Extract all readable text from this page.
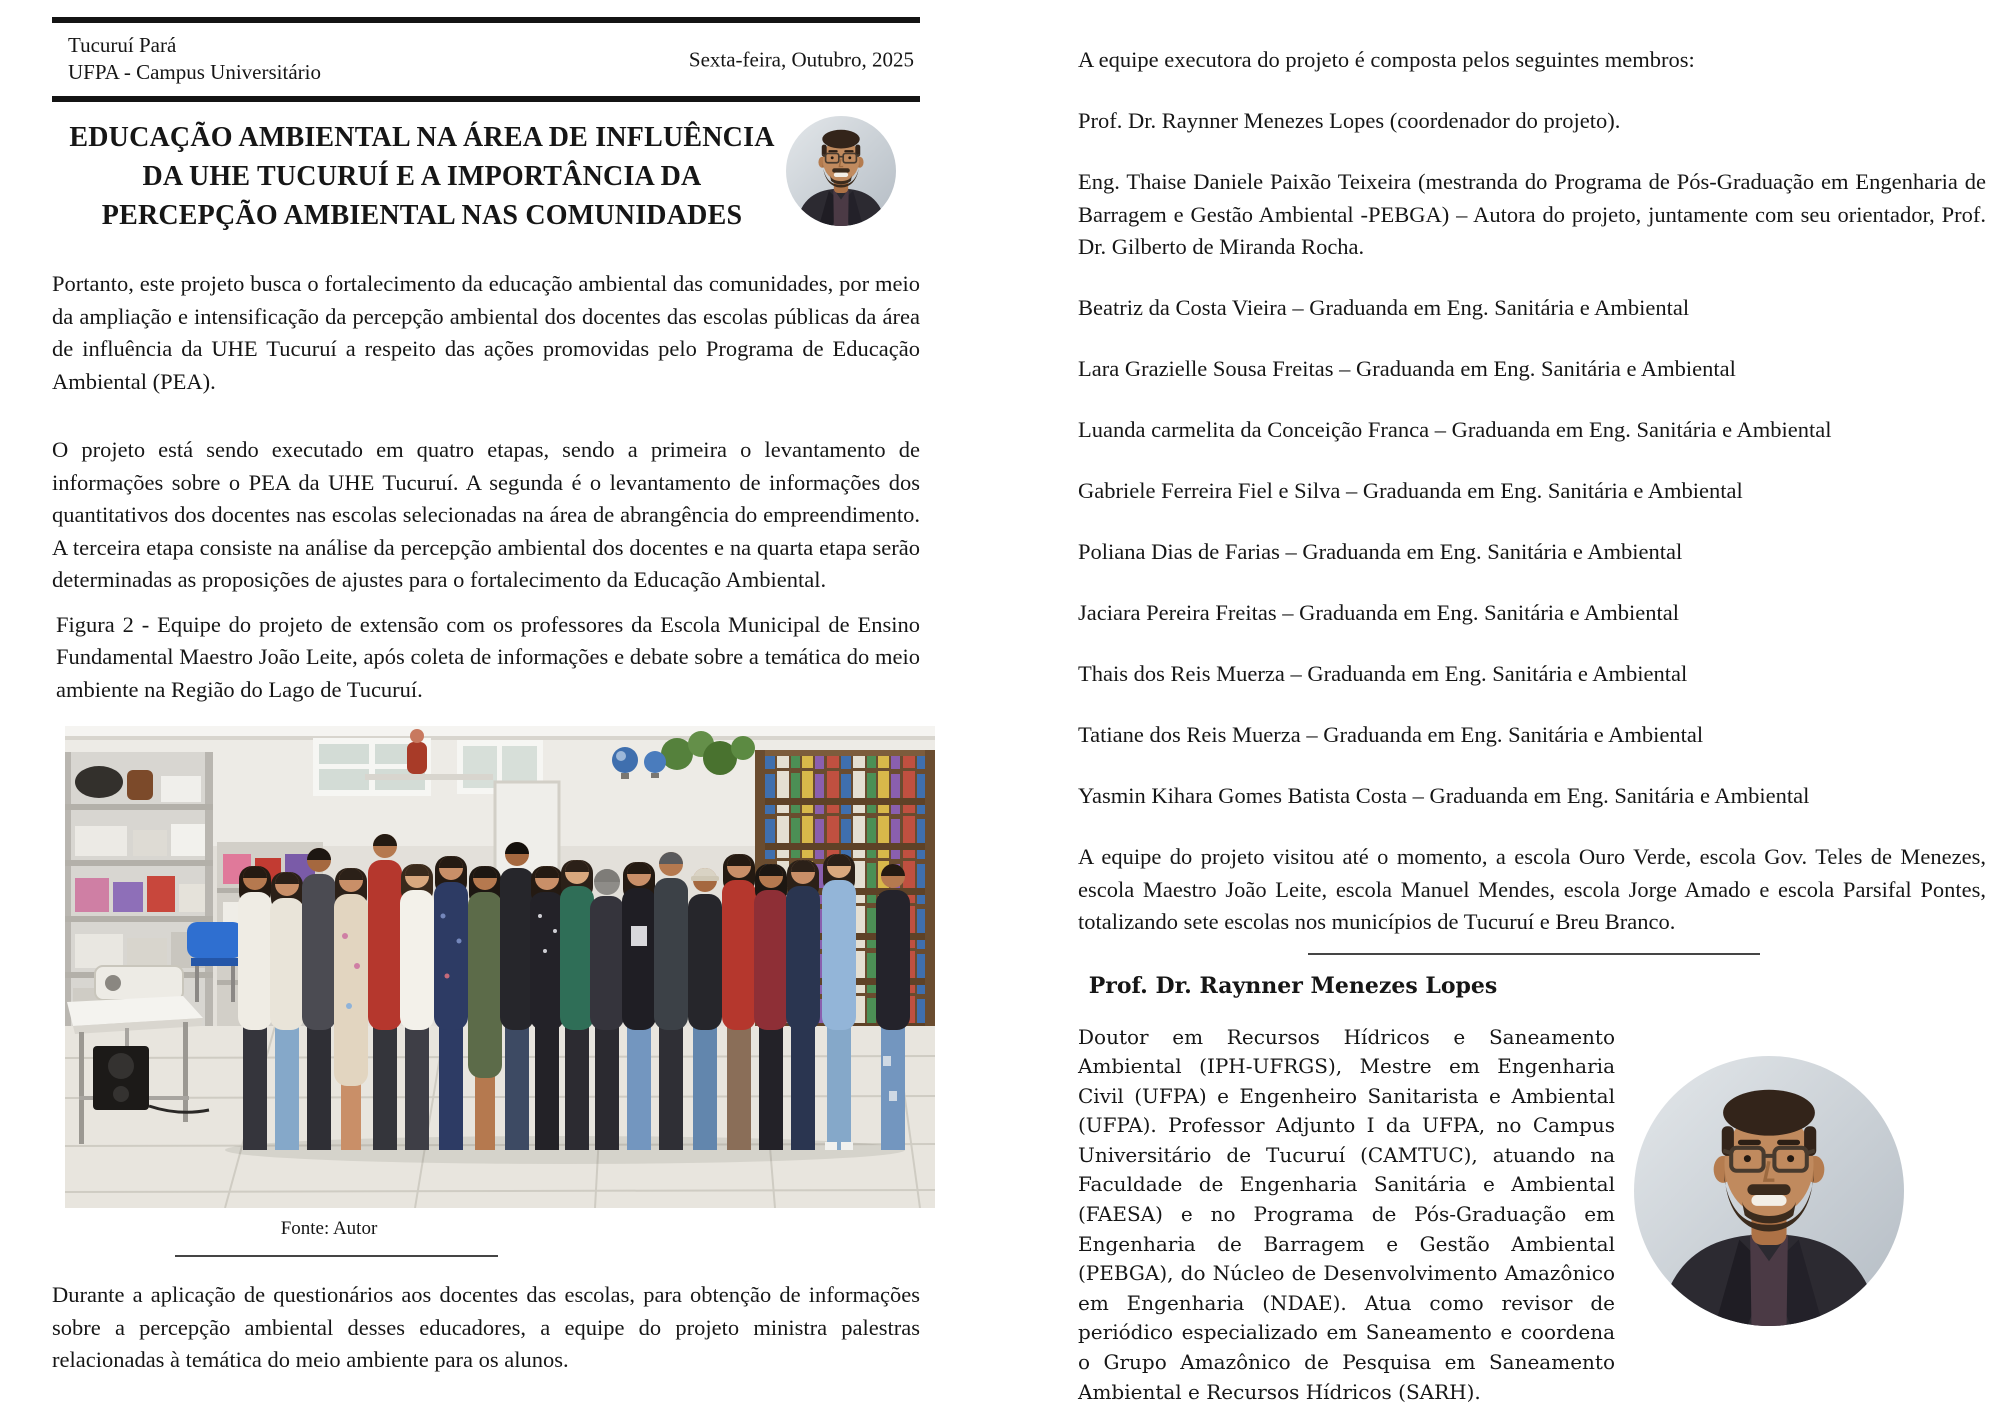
Tucuruí Pará
UFPA - Campus Universitário
Sexta-feira, Outubro, 2025
EDUCAÇÃO AMBIENTAL NA ÁREA DE INFLUÊNCIA DA UHE TUCURUÍ E A IMPORTÂNCIA DA PERCEPÇÃO AMBIENTAL NAS COMUNIDADES

Portanto, este projeto busca o fortalecimento da educação ambiental das comunidades, por meio da ampliação e intensificação da percepção ambiental dos docentes das escolas públicas da área de influência da UHE Tucuruí a respeito das ações promovidas pelo Programa de Educação Ambiental (PEA).

O projeto está sendo executado em quatro etapas, sendo a primeira o levantamento de informações sobre o PEA da UHE Tucuruí. A segunda é o levantamento de informações dos quantitativos dos docentes nas escolas selecionadas na área de abrangência do empreendimento. A terceira etapa consiste na análise da percepção ambiental dos docentes e na quarta etapa serão determinadas as proposições de ajustes para o fortalecimento da Educação Ambiental.

Figura 2 - Equipe do projeto de extensão com os professores da Escola Municipal de Ensino Fundamental Maestro João Leite, após coleta de informações e debate sobre a temática do meio ambiente na Região do Lago de Tucuruí.

Fonte: Autor

Durante a aplicação de questionários aos docentes das escolas, para obtenção de informações sobre a percepção ambiental desses educadores, a equipe do projeto ministra palestras relacionadas à temática do meio ambiente para os alunos.

A equipe executora do projeto é composta pelos seguintes membros:

Prof. Dr. Raynner Menezes Lopes (coordenador do projeto).

Eng. Thaise Daniele Paixão Teixeira (mestranda do Programa de Pós-Graduação em Engenharia de Barragem e Gestão Ambiental -PEBGA) – Autora do projeto, juntamente com seu orientador, Prof. Dr. Gilberto de Miranda Rocha.

Beatriz da Costa Vieira – Graduanda em Eng. Sanitária e Ambiental

Lara Grazielle Sousa Freitas – Graduanda em Eng. Sanitária e Ambiental

Luanda carmelita da Conceição Franca – Graduanda em Eng. Sanitária e Ambiental

Gabriele Ferreira Fiel e Silva – Graduanda em Eng. Sanitária e Ambiental

Poliana Dias de Farias – Graduanda em Eng. Sanitária e Ambiental

Jaciara Pereira Freitas – Graduanda em Eng. Sanitária e Ambiental

Thais dos Reis Muerza – Graduanda em Eng. Sanitária e Ambiental

Tatiane dos Reis Muerza – Graduanda em Eng. Sanitária e Ambiental

Yasmin Kihara Gomes Batista Costa – Graduanda em Eng. Sanitária e Ambiental

A equipe do projeto visitou até o momento, a escola Ouro Verde, escola Gov. Teles de Menezes, escola Maestro João Leite, escola Manuel Mendes, escola Jorge Amado e escola Parsifal Pontes, totalizando sete escolas nos municípios de Tucuruí e Breu Branco.

Prof. Dr. Raynner Menezes Lopes

Doutor em Recursos Hídricos e Saneamento Ambiental (IPH-UFRGS), Mestre em Engenharia Civil (UFPA) e Engenheiro Sanitarista e Ambiental (UFPA). Professor Adjunto I da UFPA, no Campus Universitário de Tucuruí (CAMTUC), atuando na Faculdade de Engenharia Sanitária e Ambiental (FAESA) e no Programa de Pós-Graduação em Engenharia de Barragem e Gestão Ambiental (PEBGA), do Núcleo de Desenvolvimento Amazônico em Engenharia (NDAE). Atua como revisor de periódico especializado em Saneamento e coordena o Grupo Amazônico de Pesquisa em Saneamento Ambiental e Recursos Hídricos (SARH).
